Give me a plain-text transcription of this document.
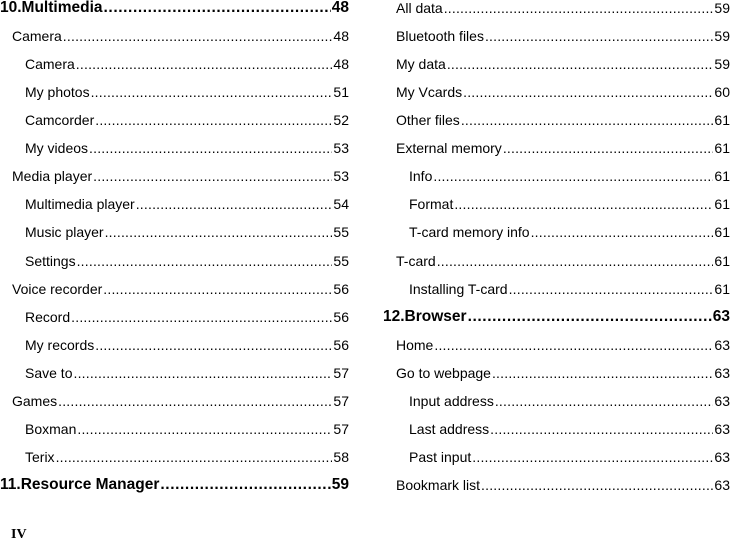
10.Multimedia .....	48
Camera .....	48
Camera .....	48
My photos .....	51
Camcorder .....	52
My videos .....	53
Media player .....	53
Multimedia player .....	54
Music player .....	55
Settings .....	55
Voice recorder .....	56
Record .....	56
My records .....	56
Save to .....	57
Games .....	57
Boxman .....	57
Terix .....	58
11.Resource Manager .....	59
All data .....	59
Bluetooth files .....	59
My data .....	59
My Vcards .....	60
Other files .....	61
External memory .....	61
Info .....	61
Format .....	61
T-card memory info .....	61
T-card .....	61
Installing T-card .....	61
12.Browser .....	63
Home .....	63
Go to webpage .....	63
Input address .....	63
Last address .....	63
Past input .....	63
Bookmark list .....	63
IV
